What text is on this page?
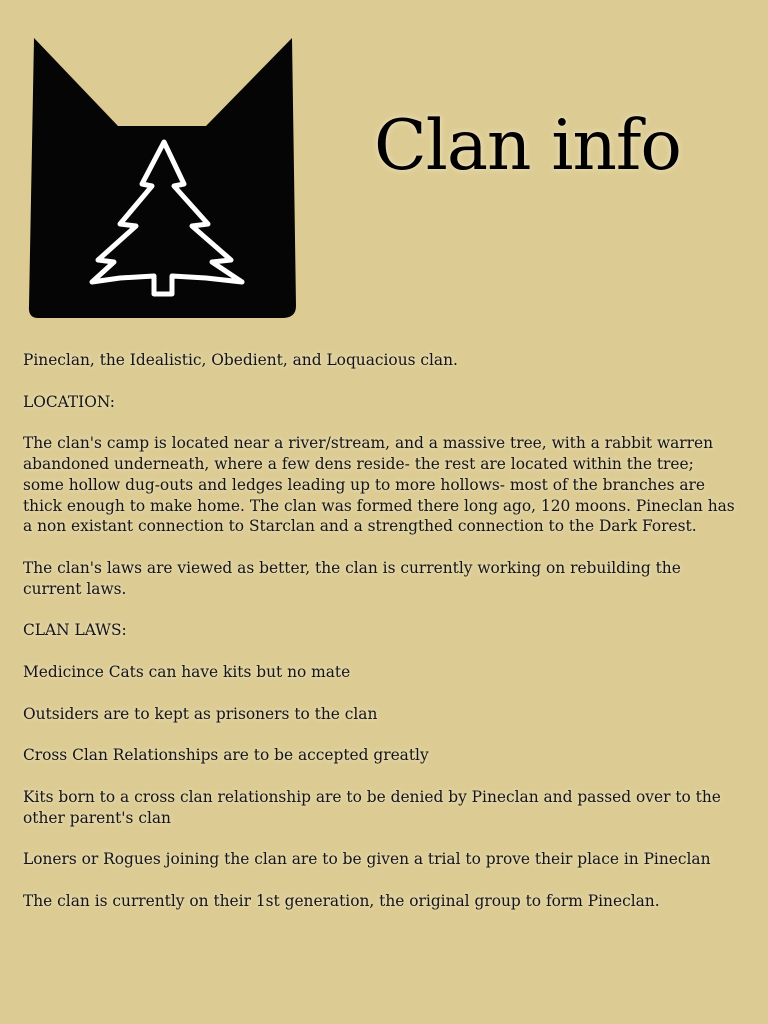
Clan info

Pineclan, the Idealistic, Obedient, and Loquacious clan.

LOCATION:

The clan's camp is located near a river/stream, and a massive tree, with a rabbit warren abandoned underneath, where a few dens reside- the rest are located within the tree; some hollow dug-outs and ledges leading up to more hollows- most of the branches are thick enough to make home. The clan was formed there long ago, 120 moons. Pineclan has a non existant connection to Starclan and a strengthed connection to the Dark Forest.

The clan's laws are viewed as better, the clan is currently working on rebuilding the current laws.

CLAN LAWS:

Medicince Cats can have kits but no mate

Outsiders are to kept as prisoners to the clan

Cross Clan Relationships are to be accepted greatly

Kits born to a cross clan relationship are to be denied by Pineclan and passed over to the other parent's clan

Loners or Rogues joining the clan are to be given a trial to prove their place in Pineclan

The clan is currently on their 1st generation, the original group to form Pineclan.
